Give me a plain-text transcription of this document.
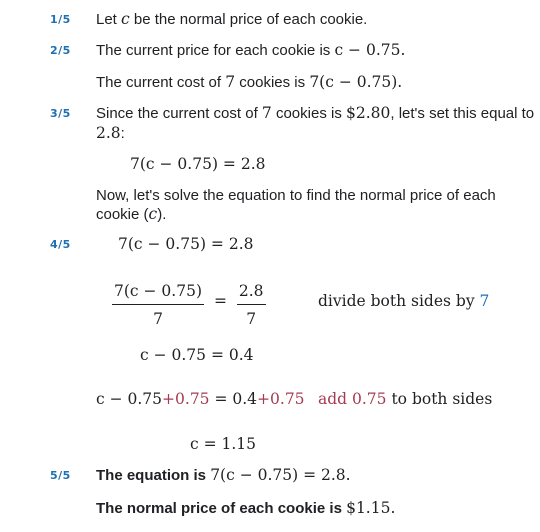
1/5 Let c be the normal price of each cookie.
2/5 The current price for each cookie is c − 0.75.
The current cost of 7 cookies is 7(c − 0.75).
3/5 Since the current cost of 7 cookies is $2.80, let's set this equal to
2.8:
7(c − 0.75) = 2.8
Now, let's solve the equation to find the normal price of each
cookie (c).
4/5	7(c − 0.75) = 2.8
$\frac{7(c - 0.75)}{7} = \frac{2.8}{7}$	divide both sides by 7
c − 0.75 = 0.4
c − 0.75+0.75 = 0.4+0.75 add 0.75 to both sides
c = 1.15
5/5 The equation is 7(c − 0.75) = 2.8.
The normal price of each cookie is $1.15.
